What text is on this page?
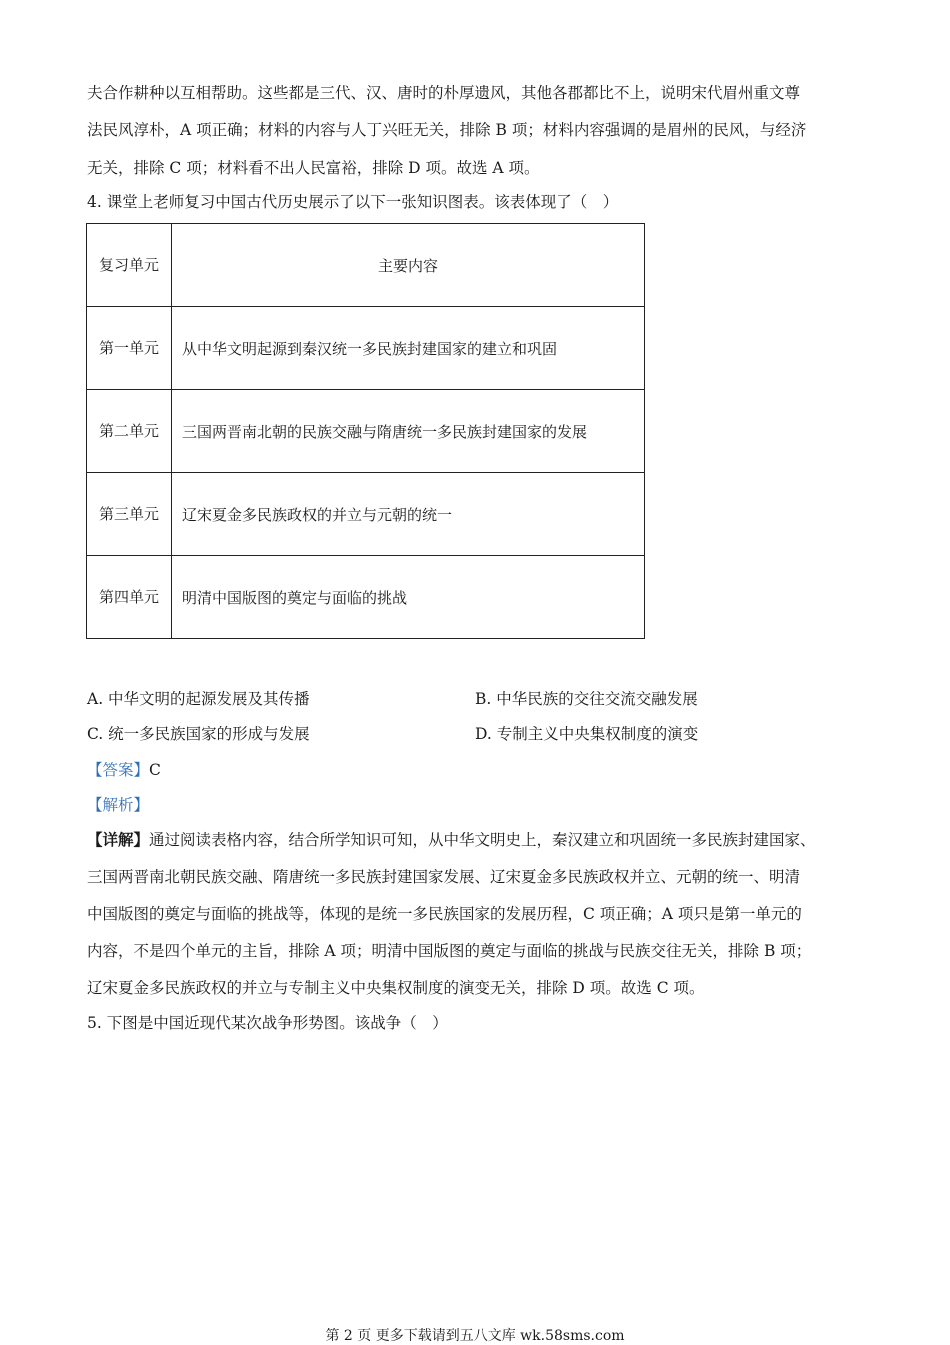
夫合作耕种以互相帮助。这些都是三代、汉、唐时的朴厚遗风，其他各郡都比不上，说明宋代眉州重文尊
法民风淳朴，A 项正确；材料的内容与人丁兴旺无关，排除 B 项；材料内容强调的是眉州的民风，与经济
无关，排除 C 项；材料看不出人民富裕，排除 D 项。故选 A 项。
4. 课堂上老师复习中国古代历史展示了以下一张知识图表。该表体现了（　）
复习单元	主要内容

第一单元	从中华文明起源到秦汉统一多民族封建国家的建立和巩固

第二单元	三国两晋南北朝的民族交融与隋唐统一多民族封建国家的发展

第三单元	辽宋夏金多民族政权的并立与元朝的统一

第四单元	明清中国版图的奠定与面临的挑战
A. 中华文明的起源发展及其传播	B. 中华民族的交往交流交融发展
C. 统一多民族国家的形成与发展	D. 专制主义中央集权制度的演变
【答案】C
【解析】
【详解】通过阅读表格内容，结合所学知识可知，从中华文明史上，秦汉建立和巩固统一多民族封建国家、
三国两晋南北朝民族交融、隋唐统一多民族封建国家发展、辽宋夏金多民族政权并立、元朝的统一、明清
中国版图的奠定与面临的挑战等，体现的是统一多民族国家的发展历程，C 项正确；A 项只是第一单元的
内容，不是四个单元的主旨，排除 A 项；明清中国版图的奠定与面临的挑战与民族交往无关，排除 B 项；
辽宋夏金多民族政权的并立与专制主义中央集权制度的演变无关，排除 D 项。故选 C 项。
5. 下图是中国近现代某次战争形势图。该战争（　）
第 2 页 更多下载请到五八文库 wk.58sms.com
